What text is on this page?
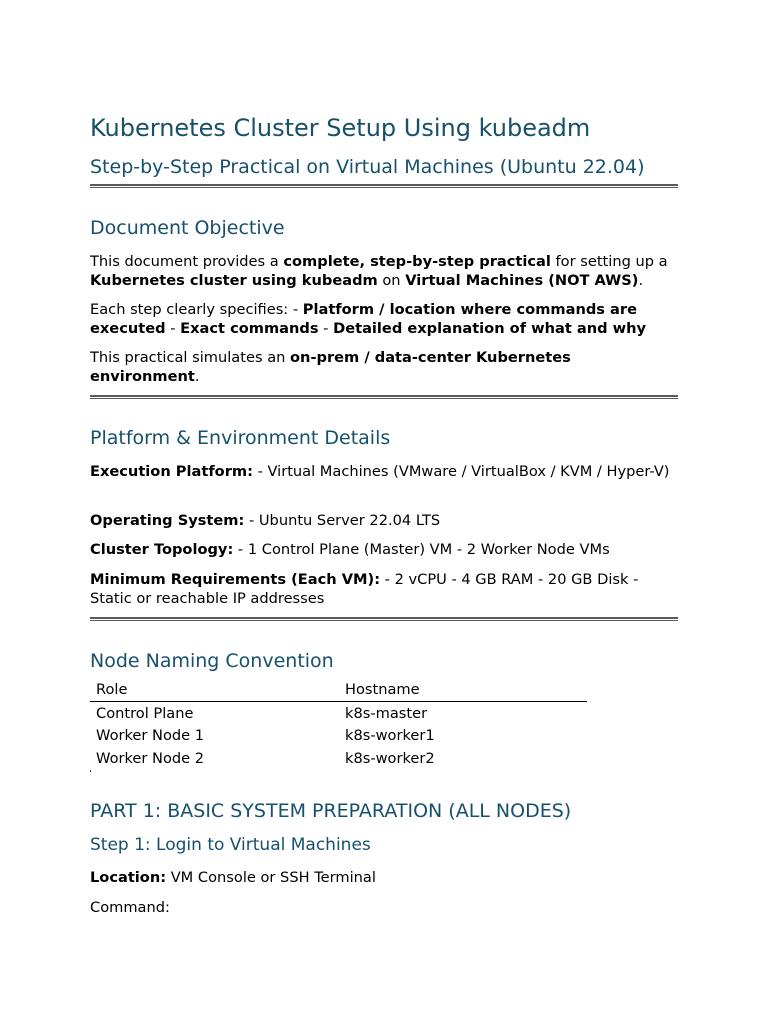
Kubernetes Cluster Setup Using kubeadm
Step-by-Step Practical on Virtual Machines (Ubuntu 22.04)
Document Objective
This document provides a complete, step-by-step practical for setting up a Kubernetes cluster using kubeadm on Virtual Machines (NOT AWS).
Each step clearly specifies: - Platform / location where commands are executed - Exact commands - Detailed explanation of what and why
This practical simulates an on-prem / data-center Kubernetes environment.
Platform & Environment Details
Execution Platform: - Virtual Machines (VMware / VirtualBox / KVM / Hyper-V)
Operating System: - Ubuntu Server 22.04 LTS
Cluster Topology: - 1 Control Plane (Master) VM - 2 Worker Node VMs
Minimum Requirements (Each VM): - 2 vCPU - 4 GB RAM - 20 GB Disk - Static or reachable IP addresses
Node Naming Convention
Role	Hostname
Control Plane	k8s-master
Worker Node 1	k8s-worker1
Worker Node 2	k8s-worker2
PART 1: BASIC SYSTEM PREPARATION (ALL NODES)
Step 1: Login to Virtual Machines
Location: VM Console or SSH Terminal
Command:
